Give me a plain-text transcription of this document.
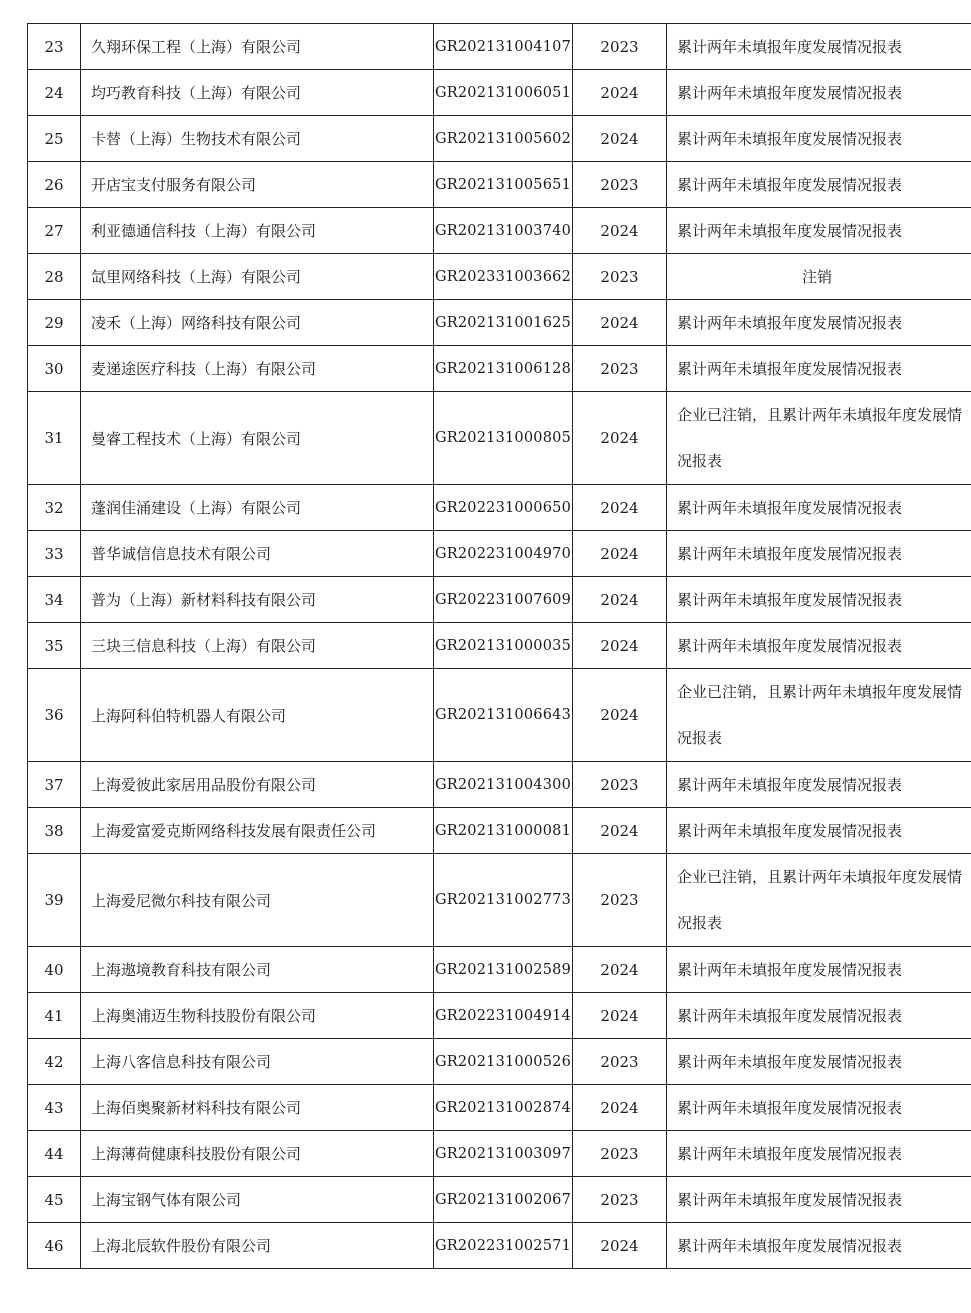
23	久翔环保工程（上海）有限公司	GR202131004107	2023	累计两年未填报年度发展情况报表
24	均巧教育科技（上海）有限公司	GR202131006051	2024	累计两年未填报年度发展情况报表
25	卡替（上海）生物技术有限公司	GR202131005602	2024	累计两年未填报年度发展情况报表
26	开店宝支付服务有限公司	GR202131005651	2023	累计两年未填报年度发展情况报表
27	利亚德通信科技（上海）有限公司	GR202131003740	2024	累计两年未填报年度发展情况报表
28	氙里网络科技（上海）有限公司	GR202331003662	2023	注销
29	凌禾（上海）网络科技有限公司	GR202131001625	2024	累计两年未填报年度发展情况报表
30	麦递途医疗科技（上海）有限公司	GR202131006128	2023	累计两年未填报年度发展情况报表
31	曼睿工程技术（上海）有限公司	GR202131000805	2024	企业已注销，且累计两年未填报年度发展情况报表
32	蓬润佳涌建设（上海）有限公司	GR202231000650	2024	累计两年未填报年度发展情况报表
33	普华诚信信息技术有限公司	GR202231004970	2024	累计两年未填报年度发展情况报表
34	普为（上海）新材料科技有限公司	GR202231007609	2024	累计两年未填报年度发展情况报表
35	三块三信息科技（上海）有限公司	GR202131000035	2024	累计两年未填报年度发展情况报表
36	上海阿科伯特机器人有限公司	GR202131006643	2024	企业已注销，且累计两年未填报年度发展情况报表
37	上海爱彼此家居用品股份有限公司	GR202131004300	2023	累计两年未填报年度发展情况报表
38	上海爱富爱克斯网络科技发展有限责任公司	GR202131000081	2024	累计两年未填报年度发展情况报表
39	上海爱尼微尔科技有限公司	GR202131002773	2023	企业已注销，且累计两年未填报年度发展情况报表
40	上海遨境教育科技有限公司	GR202131002589	2024	累计两年未填报年度发展情况报表
41	上海奥浦迈生物科技股份有限公司	GR202231004914	2024	累计两年未填报年度发展情况报表
42	上海八客信息科技有限公司	GR202131000526	2023	累计两年未填报年度发展情况报表
43	上海佰奥聚新材料科技有限公司	GR202131002874	2024	累计两年未填报年度发展情况报表
44	上海薄荷健康科技股份有限公司	GR202131003097	2023	累计两年未填报年度发展情况报表
45	上海宝钢气体有限公司	GR202131002067	2023	累计两年未填报年度发展情况报表
46	上海北辰软件股份有限公司	GR202231002571	2024	累计两年未填报年度发展情况报表
